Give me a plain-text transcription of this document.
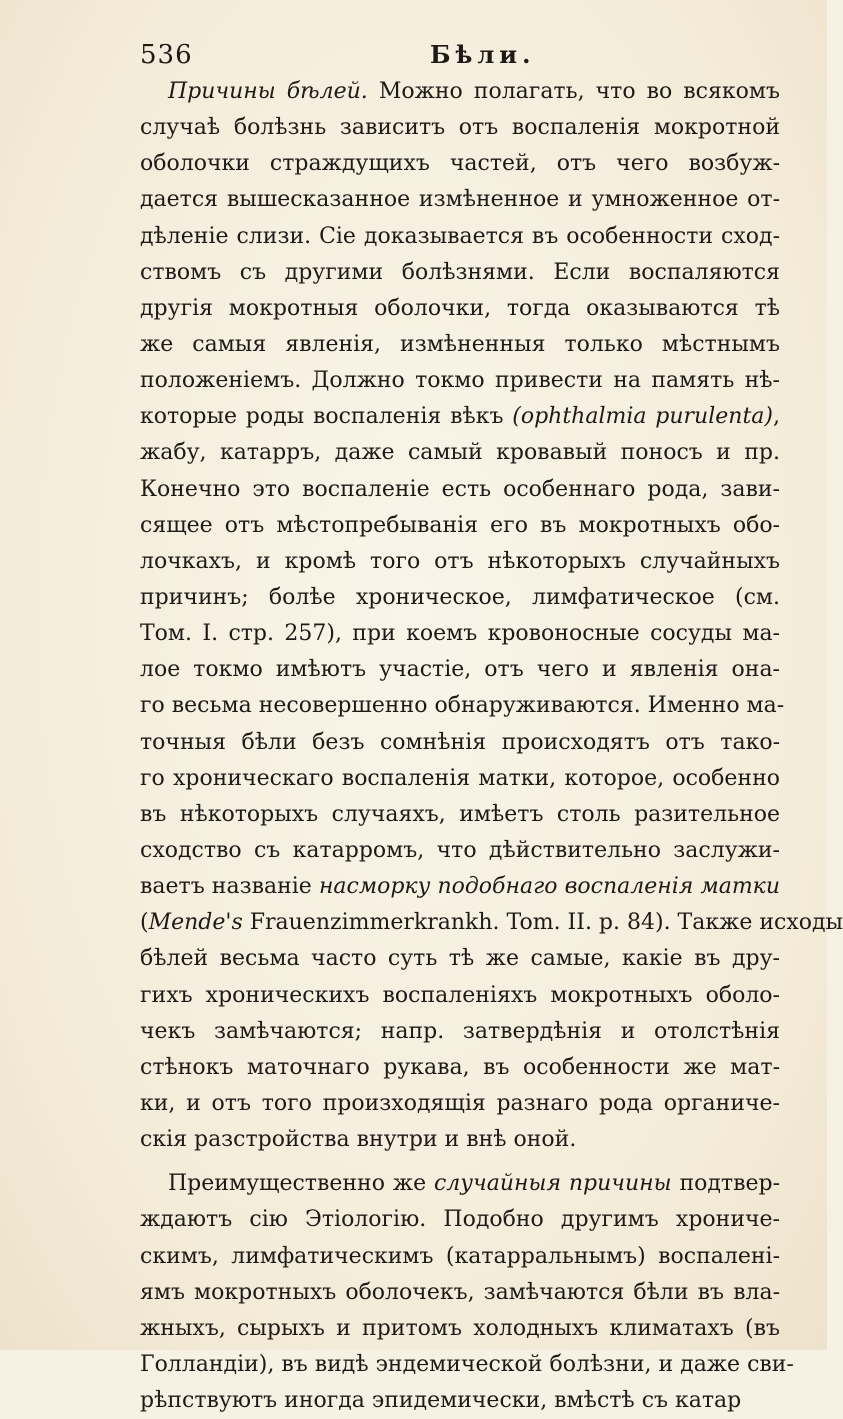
536	Бѣли.
Причины бѣлей. Можно полагать, что во всякомъ
случаѣ болѣзнь зависитъ отъ воспаленія мокротной
оболочки страждущихъ частей, отъ чего возбуж-
дается вышесказанное измѣненное и умноженное от-
дѣленіе слизи. Сіе доказывается въ особенности сход-
ствомъ съ другими болѣзнями. Если воспаляются
другія мокротныя оболочки, тогда оказываются тѣ
же самыя явленія, измѣненныя только мѣстнымъ
положеніемъ. Должно токмо привести на память нѣ-
которые роды воспаленія вѣкъ (ophthalmia purulenta),
жабу, катарръ, даже самый кровавый поносъ и пр.
Конечно это воспаленіе есть особеннаго рода, зави-
сящее отъ мѣстопребыванія его въ мокротныхъ обо-
лочкахъ, и кромѣ того отъ нѣкоторыхъ случайныхъ
причинъ; болѣе хроническое, лимфатическое (см.
Том. I. стр. 257), при коемъ кровоносные сосуды ма-
лое токмо имѣютъ участіе, отъ чего и явленія она-
го весьма несовершенно обнаруживаются. Именно ма-
точныя бѣли безъ сомнѣнія происходятъ отъ тако-
го хроническаго воспаленія матки, которое, особенно
въ нѣкоторыхъ случаяхъ, имѣетъ столь разительное
сходство съ катарромъ, что дѣйствительно заслужи-
ваетъ названіе насморку подобнаго воспаленія матки
(Mende's Frauenzimmerkrankh. Tom. II. p. 84). Также исходы
бѣлей весьма часто суть тѣ же самые, какіе въ дру-
гихъ хроническихъ воспаленіяхъ мокротныхъ оболо-
чекъ замѣчаются; напр. затвердѣнія и отолстѣнія
стѣнокъ маточнаго рукава, въ особенности же мат-
ки, и отъ того произходящія разнаго рода органиче-
скія разстройства внутри и внѣ оной.
Преимущественно же случайныя причины подтвер-
ждаютъ сію Этіологію. Подобно другимъ хрониче-
скимъ, лимфатическимъ (катарральнымъ) воспалені-
ямъ мокротныхъ оболочекъ, замѣчаются бѣли въ вла-
жныхъ, сырыхъ и притомъ холодныхъ климатахъ (въ
Голландіи), въ видѣ эндемической болѣзни, и даже сви-
рѣпствуютъ иногда эпидемически, вмѣстѣ съ катар
